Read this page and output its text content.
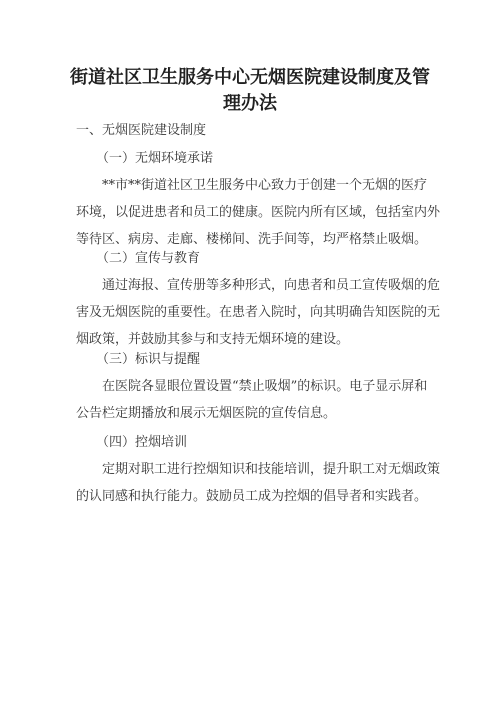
街道社区卫生服务中心无烟医院建设制度及管
理办法
一、无烟医院建设制度
（一）无烟环境承诺

**市**街道社区卫生服务中心致力于创建一个无烟的医疗

环境，以促进患者和员工的健康。医院内所有区域，包括室内外

等待区、病房、走廊、楼梯间、洗手间等，均严格禁止吸烟。

（二）宣传与教育

通过海报、宣传册等多种形式，向患者和员工宣传吸烟的危

害及无烟医院的重要性。在患者入院时，向其明确告知医院的无

烟政策，并鼓励其参与和支持无烟环境的建设。

（三）标识与提醒

在医院各显眼位置设置“禁止吸烟”的标识。电子显示屏和

公告栏定期播放和展示无烟医院的宣传信息。

（四）控烟培训

定期对职工进行控烟知识和技能培训，提升职工对无烟政策

的认同感和执行能力。鼓励员工成为控烟的倡导者和实践者。
